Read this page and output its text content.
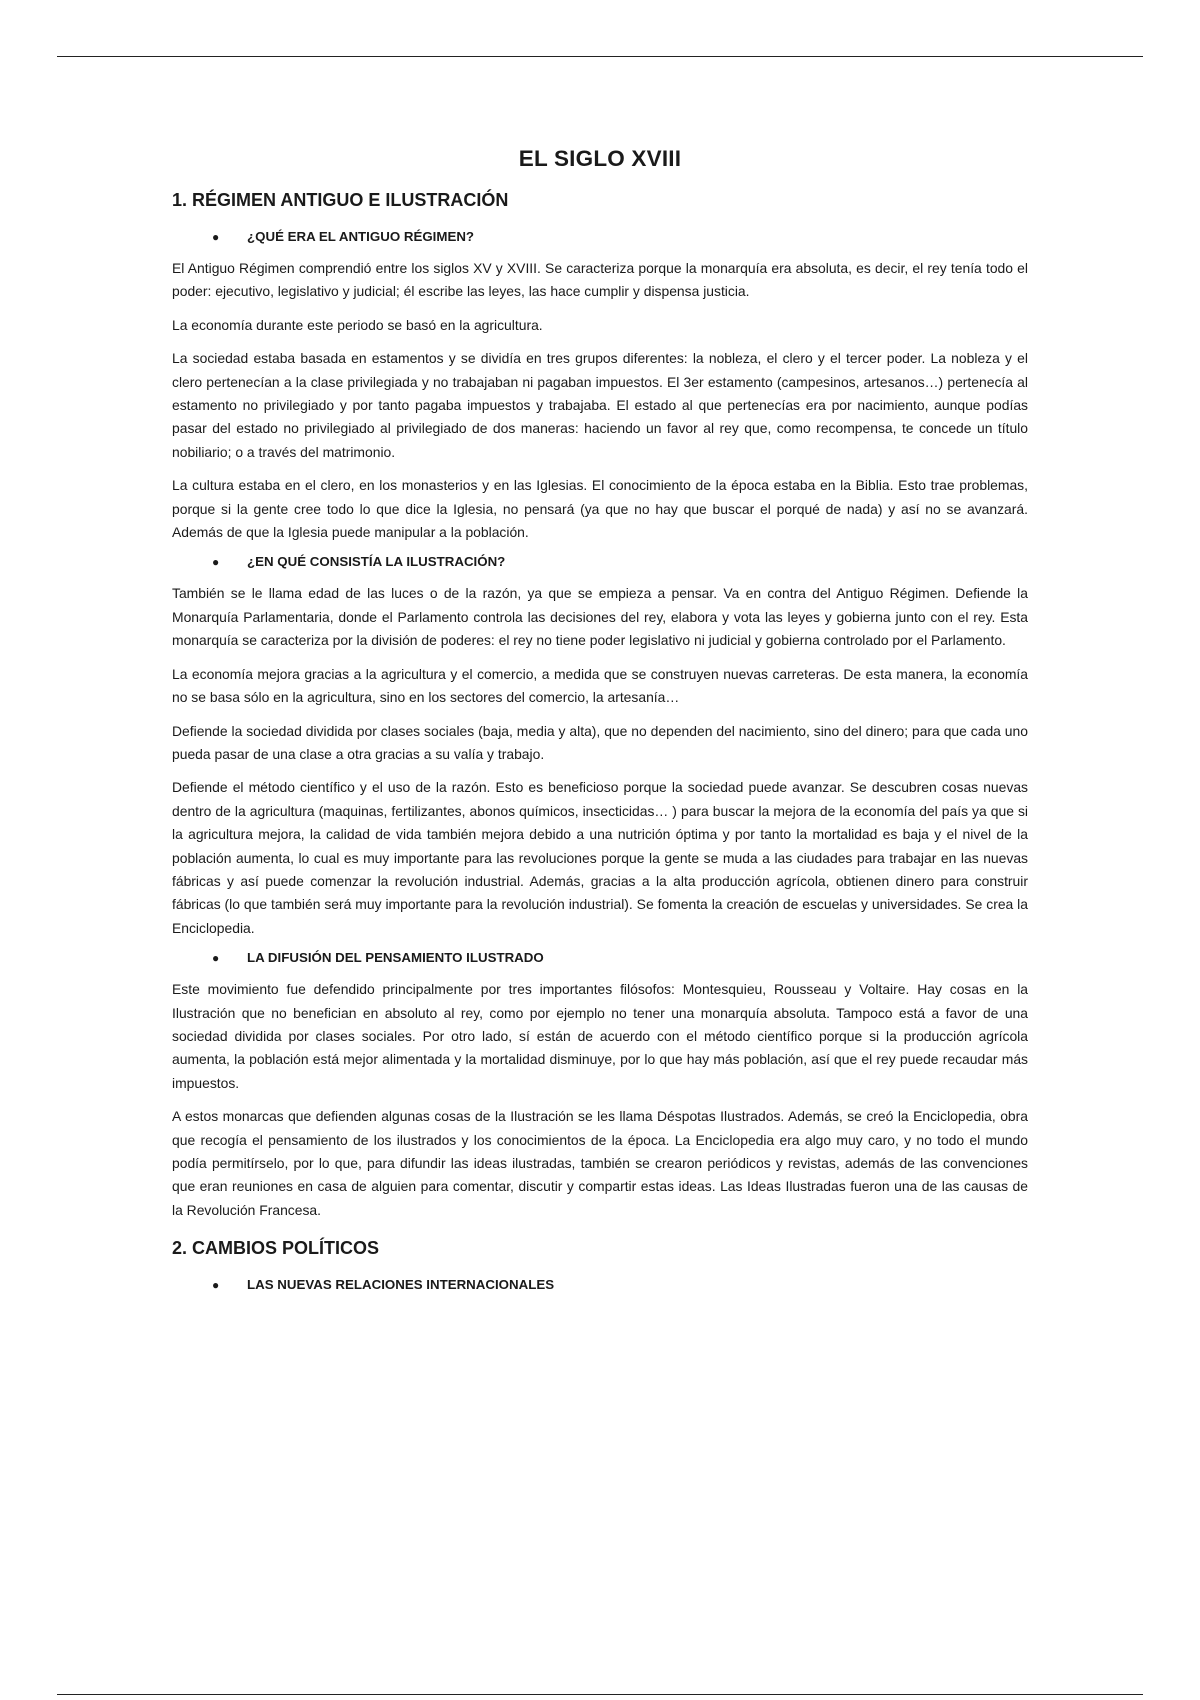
EL SIGLO XVIII
1. RÉGIMEN ANTIGUO E ILUSTRACIÓN
●	¿QUÉ ERA EL ANTIGUO RÉGIMEN?

El Antiguo Régimen comprendió entre los siglos XV y XVIII. Se caracteriza porque la monarquía era absoluta, es decir, el rey tenía todo el poder: ejecutivo, legislativo y judicial; él escribe las leyes, las hace cumplir y dispensa justicia.

La economía durante este periodo se basó en la agricultura.

La sociedad estaba basada en estamentos y se dividía en tres grupos diferentes: la nobleza, el clero y el tercer poder. La nobleza y el clero pertenecían a la clase privilegiada y no trabajaban ni pagaban impuestos. El 3er estamento (campesinos, artesanos…) pertenecía al estamento no privilegiado y por tanto pagaba impuestos y trabajaba. El estado al que pertenecías era por nacimiento, aunque podías pasar del estado no privilegiado al privilegiado de dos maneras: haciendo un favor al rey que, como recompensa, te concede un título nobiliario; o a través del matrimonio.

La cultura estaba en el clero, en los monasterios y en las Iglesias. El conocimiento de la época estaba en la Biblia. Esto trae problemas, porque si la gente cree todo lo que dice la Iglesia, no pensará (ya que no hay que buscar el porqué de nada) y así no se avanzará. Además de que la Iglesia puede manipular a la población.

●	¿EN QUÉ CONSISTÍA LA ILUSTRACIÓN?

También se le llama edad de las luces o de la razón, ya que se empieza a pensar. Va en contra del Antiguo Régimen. Defiende la Monarquía Parlamentaria, donde el Parlamento controla las decisiones del rey, elabora y vota las leyes y gobierna junto con el rey. Esta monarquía se caracteriza por la división de poderes: el rey no tiene poder legislativo ni judicial y gobierna controlado por el Parlamento.

La economía mejora gracias a la agricultura y el comercio, a medida que se construyen nuevas carreteras. De esta manera, la economía no se basa sólo en la agricultura, sino en los sectores del comercio, la artesanía…

Defiende la sociedad dividida por clases sociales (baja, media y alta), que no dependen del nacimiento, sino del dinero; para que cada uno pueda pasar de una clase a otra gracias a su valía y trabajo.

Defiende el método científico y el uso de la razón. Esto es beneficioso porque la sociedad puede avanzar. Se descubren cosas nuevas dentro de la agricultura (maquinas, fertilizantes, abonos químicos, insecticidas… ) para buscar la mejora de la economía del país ya que si la agricultura mejora, la calidad de vida también mejora debido a una nutrición óptima y por tanto la mortalidad es baja y el nivel de la población aumenta, lo cual es muy importante para las revoluciones porque la gente se muda a las ciudades para trabajar en las nuevas fábricas y así puede comenzar la revolución industrial. Además, gracias a la alta producción agrícola, obtienen dinero para construir fábricas (lo que también será muy importante para la revolución industrial). Se fomenta la creación de escuelas y universidades. Se crea la Enciclopedia.

●	LA DIFUSIÓN DEL PENSAMIENTO ILUSTRADO

Este movimiento fue defendido principalmente por tres importantes filósofos: Montesquieu, Rousseau y Voltaire. Hay cosas en la Ilustración que no benefician en absoluto al rey, como por ejemplo no tener una monarquía absoluta. Tampoco está a favor de una sociedad dividida por clases sociales. Por otro lado, sí están de acuerdo con el método científico porque si la producción agrícola aumenta, la población está mejor alimentada y la mortalidad disminuye, por lo que hay más población, así que el rey puede recaudar más impuestos.

A estos monarcas que defienden algunas cosas de la Ilustración se les llama Déspotas Ilustrados. Además, se creó la Enciclopedia, obra que recogía el pensamiento de los ilustrados y los conocimientos de la época. La Enciclopedia era algo muy caro, y no todo el mundo podía permitírselo, por lo que, para difundir las ideas ilustradas, también se crearon periódicos y revistas, además de las convenciones que eran reuniones en casa de alguien para comentar, discutir y compartir estas ideas. Las Ideas Ilustradas fueron una de las causas de la Revolución Francesa.

2. CAMBIOS POLÍTICOS
●	LAS NUEVAS RELACIONES INTERNACIONALES
